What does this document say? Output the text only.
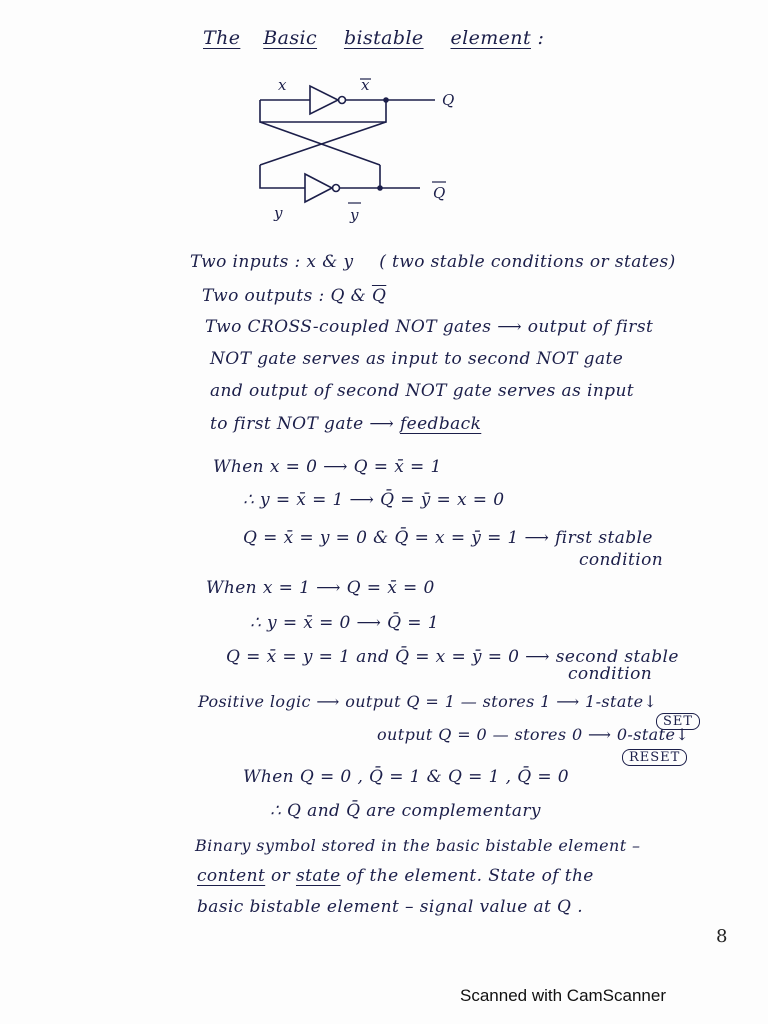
The Basic bistable element :
x	x
Q
Q
y	y
Two inputs : x & y ( two stable conditions or states)
Two outputs : Q & $\overline{Q}$
Two CROSS-coupled NOT gates ⟶ output of first
NOT gate serves as input to second NOT gate
and output of second NOT gate serves as input
to first NOT gate ⟶ feedback
When x = 0 ⟶ Q = x̄ = 1
∴ y = x̄ = 1 ⟶ Q̄ = ȳ = x = 0
Q = x̄ = y = 0 & Q̄ = x = ȳ = 1 ⟶ first stable
condition
When x = 1 ⟶ Q = x̄ = 0
∴ y = x̄ = 0 ⟶ Q̄ = 1
Q = x̄ = y = 1 and Q̄ = x = ȳ = 0 ⟶ second stable
condition
Positive logic ⟶ output Q = 1 — stores 1 ⟶ 1-state↓
SET
output Q = 0 — stores 0 ⟶ 0-state↓
RESET
When Q = 0 , Q̄ = 1 & Q = 1 , Q̄ = 0
∴ Q and Q̄ are complementary
Binary symbol stored in the basic bistable element –
content or state of the element. State of the
basic bistable element – signal value at Q .
8
Scanned with CamScanner
